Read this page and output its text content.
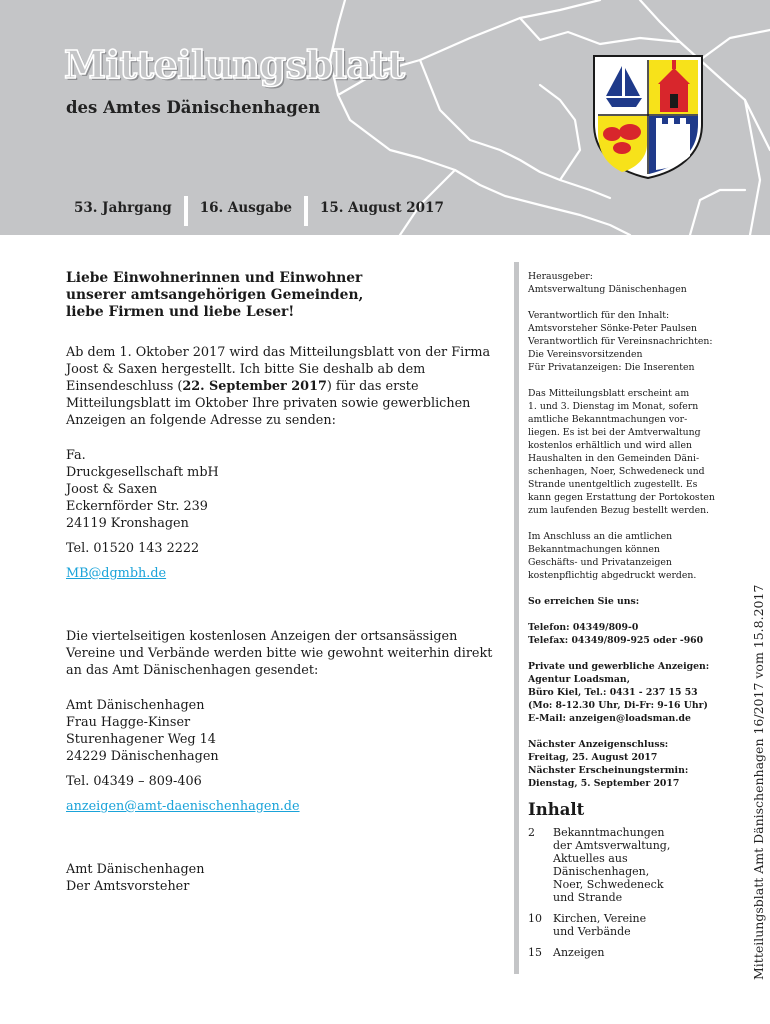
Mitteilungsblatt
des Amtes Dänischenhagen
53. Jahrgang	16. Ausgabe	15. August 2017
Liebe Einwohnerinnen und Einwohner
unserer amtsangehörigen Gemeinden,
liebe Firmen und liebe Leser!
Ab dem 1. Oktober 2017 wird das Mitteilungsblatt von der Firma Joost & Saxen hergestellt. Ich bitte Sie deshalb ab dem Einsendeschluss (22. September 2017) für das erste Mitteilungsblatt im Oktober Ihre privaten sowie gewerblichen Anzeigen an folgende Adresse zu senden:
Fa.
Druckgesellschaft mbH
Joost & Saxen
Eckernförder Str. 239
24119 Kronshagen
Tel. 01520 143 2222
MB@dgmbh.de
Die viertelseitigen kostenlosen Anzeigen der ortsansässigen Vereine und Verbände werden bitte wie gewohnt weiterhin direkt an das Amt Dänischenhagen gesendet:
Amt Dänischenhagen
Frau Hagge-Kinser
Sturenhagener Weg 14
24229 Dänischenhagen
Tel. 04349 – 809-406
anzeigen@amt-daenischenhagen.de
Amt Dänischenhagen
Der Amtsvorsteher
Herausgeber:
Amtsverwaltung Dänischenhagen
Verantwortlich für den Inhalt:
Amtsvorsteher Sönke-Peter Paulsen
Verantwortlich für Vereinsnachrichten:
Die Vereinsvorsitzenden
Für Privatanzeigen: Die Inserenten
Das Mitteilungsblatt erscheint am
1. und 3. Dienstag im Monat, sofern
amtliche Bekanntmachungen vor-
liegen. Es ist bei der Amtverwaltung
kostenlos erhältlich und wird allen
Haushalten in den Gemeinden Däni-
schenhagen, Noer, Schwedeneck und
Strande unentgeltlich zugestellt. Es
kann gegen Erstattung der Portokosten
zum laufenden Bezug bestellt werden.
Im Anschluss an die amtlichen
Bekanntmachungen können
Geschäfts- und Privatanzeigen
kostenpflichtig abgedruckt werden.
So erreichen Sie uns:
Telefon: 04349/809-0
Telefax: 04349/809-925 oder -960
Private und gewerbliche Anzeigen:
Agentur Loadsman,
Büro Kiel, Tel.: 0431 - 237 15 53
(Mo: 8-12.30 Uhr, Di-Fr: 9-16 Uhr)
E-Mail: anzeigen@loadsman.de
Nächster Anzeigenschluss:
Freitag, 25. August 2017
Nächster Erscheinungstermin:
Dienstag, 5. September 2017
Inhalt
2	Bekanntmachungen
der Amtsverwaltung,
Aktuelles aus
Dänischenhagen,
Noer, Schwedeneck
und Strande
10	Kirchen, Vereine
und Verbände
15	Anzeigen	Mitteilungsblatt Amt Dänischenhagen 16/2017 vom 15.8.2017
